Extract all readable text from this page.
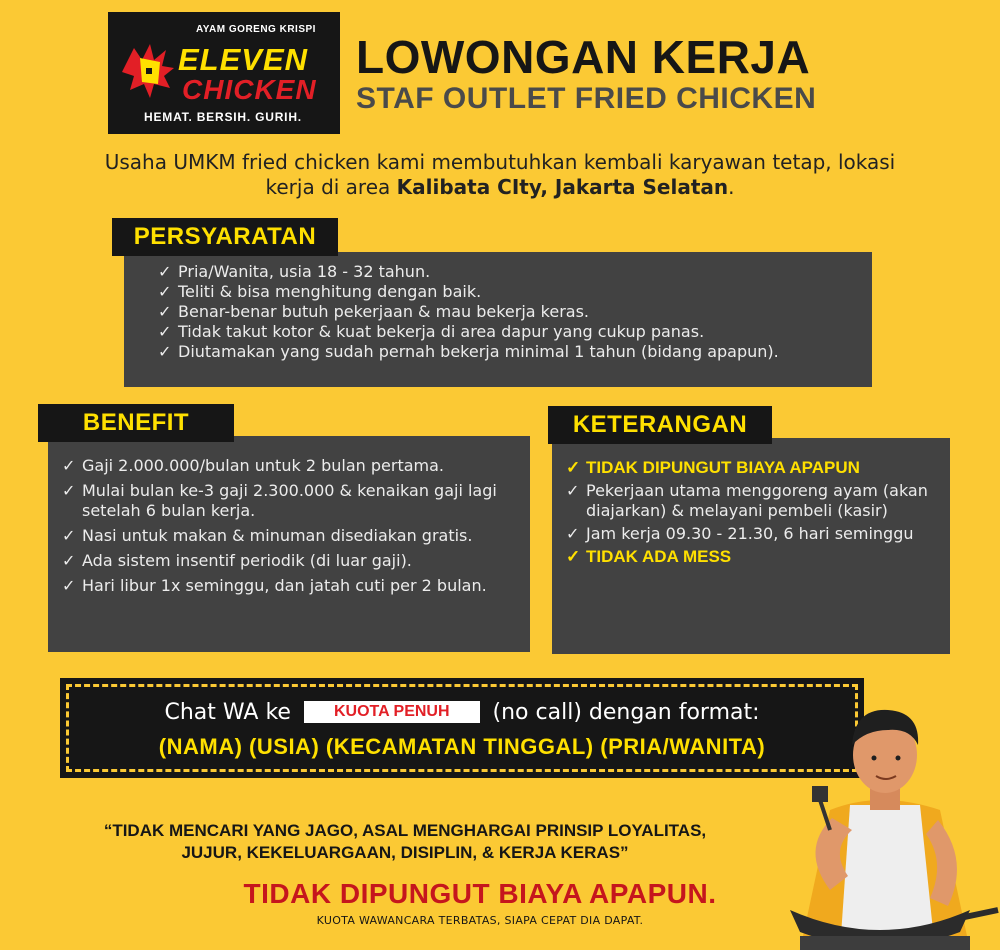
AYAM GORENG KRISPI
ELEVEN
CHICKEN
HEMAT. BERSIH. GURIH.
LOWONGAN KERJA
STAF OUTLET FRIED CHICKEN
Usaha UMKM fried chicken kami membutuhkan kembali karyawan tetap, lokasi kerja di area Kalibata CIty, Jakarta Selatan.
✓ Pria/Wanita, usia 18 - 32 tahun.
✓ Teliti & bisa menghitung dengan baik.
✓ Benar-benar butuh pekerjaan & mau bekerja keras.
✓ Tidak takut kotor & kuat bekerja di area dapur yang cukup panas.
✓ Diutamakan yang sudah pernah bekerja minimal 1 tahun (bidang apapun).
PERSYARATAN
✓ Gaji 2.000.000/bulan untuk 2 bulan pertama.
✓ Mulai bulan ke-3 gaji 2.300.000 & kenaikan gaji lagi setelah 6 bulan kerja.
✓ Nasi untuk makan & minuman disediakan gratis.
✓ Ada sistem insentif periodik (di luar gaji).
✓ Hari libur 1x seminggu, dan jatah cuti per 2 bulan.
BENEFIT
✓ TIDAK DIPUNGUT BIAYA APAPUN
✓ Pekerjaan utama menggoreng ayam (akan diajarkan) & melayani pembeli (kasir)
✓ Jam kerja 09.30 - 21.30, 6 hari seminggu
✓ TIDAK ADA MESS
KETERANGAN
Chat WA ke	KUOTA PENUH (no call) dengan format:
(NAMA) (USIA) (KECAMATAN TINGGAL) (PRIA/WANITA)
“TIDAK MENCARI YANG JAGO, ASAL MENGHARGAI PRINSIP LOYALITAS,
JUJUR, KEKELUARGAAN, DISIPLIN, & KERJA KERAS”
TIDAK DIPUNGUT BIAYA APAPUN.
KUOTA WAWANCARA TERBATAS, SIAPA CEPAT DIA DAPAT.
